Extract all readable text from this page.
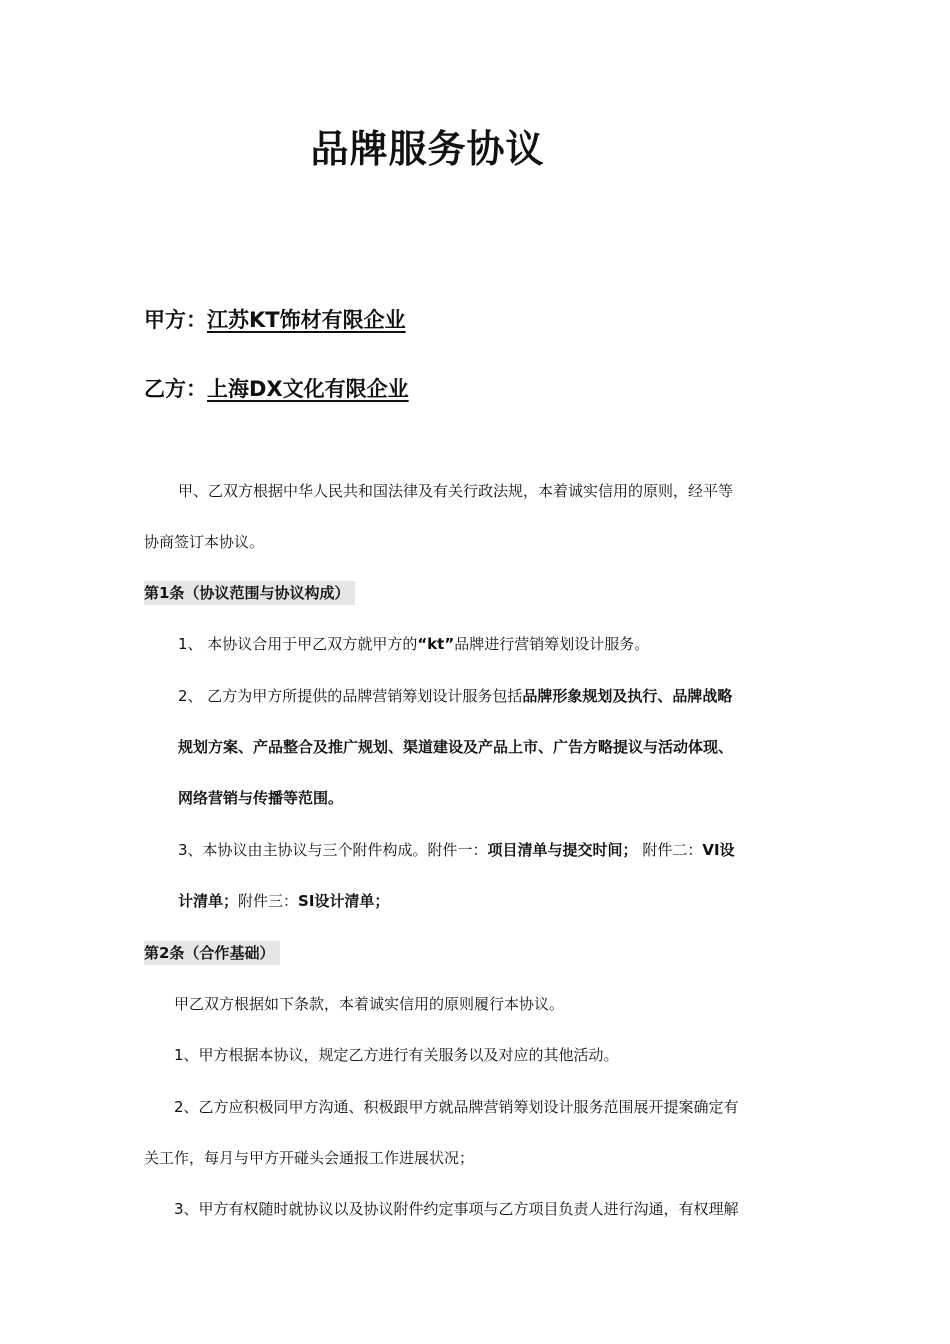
品牌服务协议
甲方：江苏KT饰材有限企业
乙方：上海DX文化有限企业
甲、乙双方根据中华人民共和国法律及有关行政法规，本着诚实信用的原则，经平等
协商签订本协议。
第1条（协议范围与协议构成）
1、 本协议合用于甲乙双方就甲方的“kt”品牌进行营销筹划设计服务。
2、 乙方为甲方所提供的品牌营销筹划设计服务包括品牌形象规划及执行、品牌战略
规划方案、产品整合及推广规划、渠道建设及产品上市、广告方略提议与活动体现、
网络营销与传播等范围。
3、本协议由主协议与三个附件构成。附件一：项目清单与提交时间； 附件二：VI设
计清单；附件三：SI设计清单；
第2条（合作基础）
甲乙双方根据如下条款，本着诚实信用的原则履行本协议。
1、甲方根据本协议，规定乙方进行有关服务以及对应的其他活动。
2、乙方应积极同甲方沟通、积极跟甲方就品牌营销筹划设计服务范围展开提案确定有
关工作，每月与甲方开碰头会通报工作进展状况；
3、甲方有权随时就协议以及协议附件约定事项与乙方项目负责人进行沟通，有权理解
